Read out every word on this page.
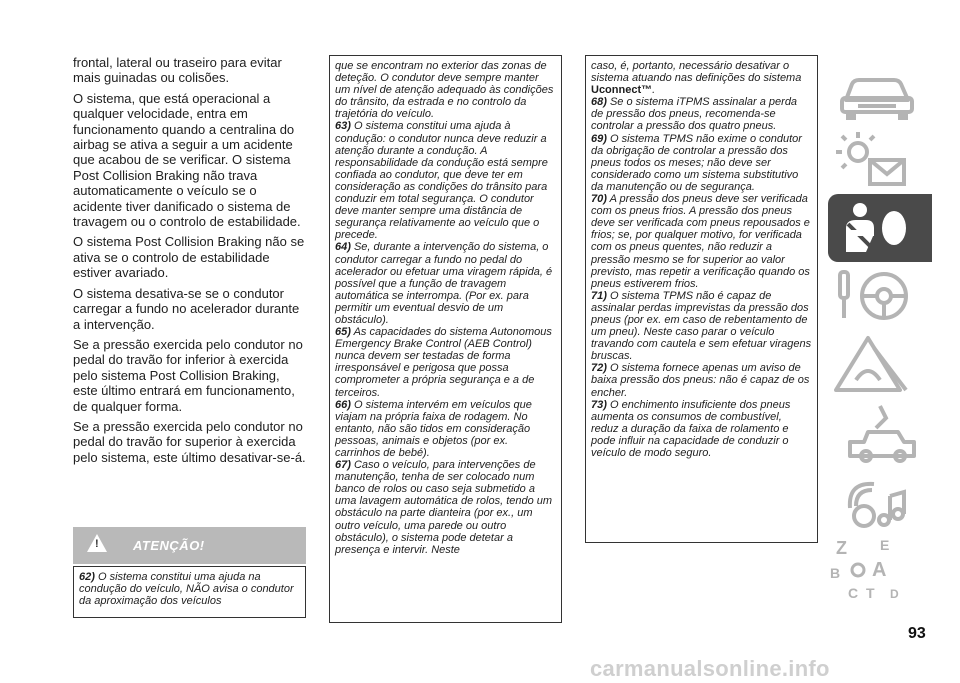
frontal, lateral ou traseiro para evitar mais guinadas ou colisões.

O sistema, que está operacional a qualquer velocidade, entra em funcionamento quando a centralina do airbag se ativa a seguir a um acidente que acabou de se verificar. O sistema Post Collision Braking não trava automaticamente o veículo se o acidente tiver danificado o sistema de travagem ou o controlo de estabilidade.

O sistema Post Collision Braking não se ativa se o controlo de estabilidade estiver avariado.

O sistema desativa-se se o condutor carregar a fundo no acelerador durante a intervenção.

Se a pressão exercida pelo condutor no pedal do travão for inferior à exercida pelo sistema Post Collision Braking, este último entrará em funcionamento, de qualquer forma.

Se a pressão exercida pelo condutor no pedal do travão for superior à exercida pelo sistema, este último desativar-se-á.

!	ATENÇÃO!

62) O sistema constitui uma ajuda na condução do veículo, NÃO avisa o condutor da aproximação dos veículos

que se encontram no exterior das zonas de deteção. O condutor deve sempre manter um nível de atenção adequado às condições do trânsito, da estrada e no controlo da trajetória do veículo.

63) O sistema constitui uma ajuda à condução: o condutor nunca deve reduzir a atenção durante a condução. A responsabilidade da condução está sempre confiada ao condutor, que deve ter em consideração as condições do trânsito para conduzir em total segurança. O condutor deve manter sempre uma distância de segurança relativamente ao veículo que o precede.

64) Se, durante a intervenção do sistema, o condutor carregar a fundo no pedal do acelerador ou efetuar uma viragem rápida, é possível que a função de travagem automática se interrompa. (Por ex. para permitir um eventual desvio de um obstáculo).

65) As capacidades do sistema Autonomous Emergency Brake Control (AEB Control) nunca devem ser testadas de forma irresponsável e perigosa que possa comprometer a própria segurança e a de terceiros.

66) O sistema intervém em veículos que viajam na própria faixa de rodagem. No entanto, não são tidos em consideração pessoas, animais e objetos (por ex. carrinhos de bebé).

67) Caso o veículo, para intervenções de manutenção, tenha de ser colocado num banco de rolos ou caso seja submetido a uma lavagem automática de rolos, tendo um obstáculo na parte dianteira (por ex., um outro veículo, uma parede ou outro obstáculo), o sistema pode detetar a presença e intervir. Neste

caso, é, portanto, necessário desativar o sistema atuando nas definições do sistema Uconnect™.

68) Se o sistema iTPMS assinalar a perda de pressão dos pneus, recomenda-se controlar a pressão dos quatro pneus.

69) O sistema TPMS não exime o condutor da obrigação de controlar a pressão dos pneus todos os meses; não deve ser considerado como um sistema substitutivo da manutenção ou de segurança.

70) A pressão dos pneus deve ser verificada com os pneus frios. A pressão dos pneus deve ser verificada com pneus repousados e frios; se, por qualquer motivo, for verificada com os pneus quentes, não reduzir a pressão mesmo se for superior ao valor previsto, mas repetir a verificação quando os pneus estiverem frios.

71) O sistema TPMS não é capaz de assinalar perdas imprevistas da pressão dos pneus (por ex. em caso de rebentamento de um pneu). Neste caso parar o veículo travando com cautela e sem efetuar viragens bruscas.

72) O sistema fornece apenas um aviso de baixa pressão dos pneus: não é capaz de os encher.

73) O enchimento insuficiente dos pneus aumenta os consumos de combustível, reduz a duração da faixa de rolamento e pode influir na capacidade de conduzir o veículo de modo seguro.

Z E
B A
C T D
93
carmanualsonline.info
